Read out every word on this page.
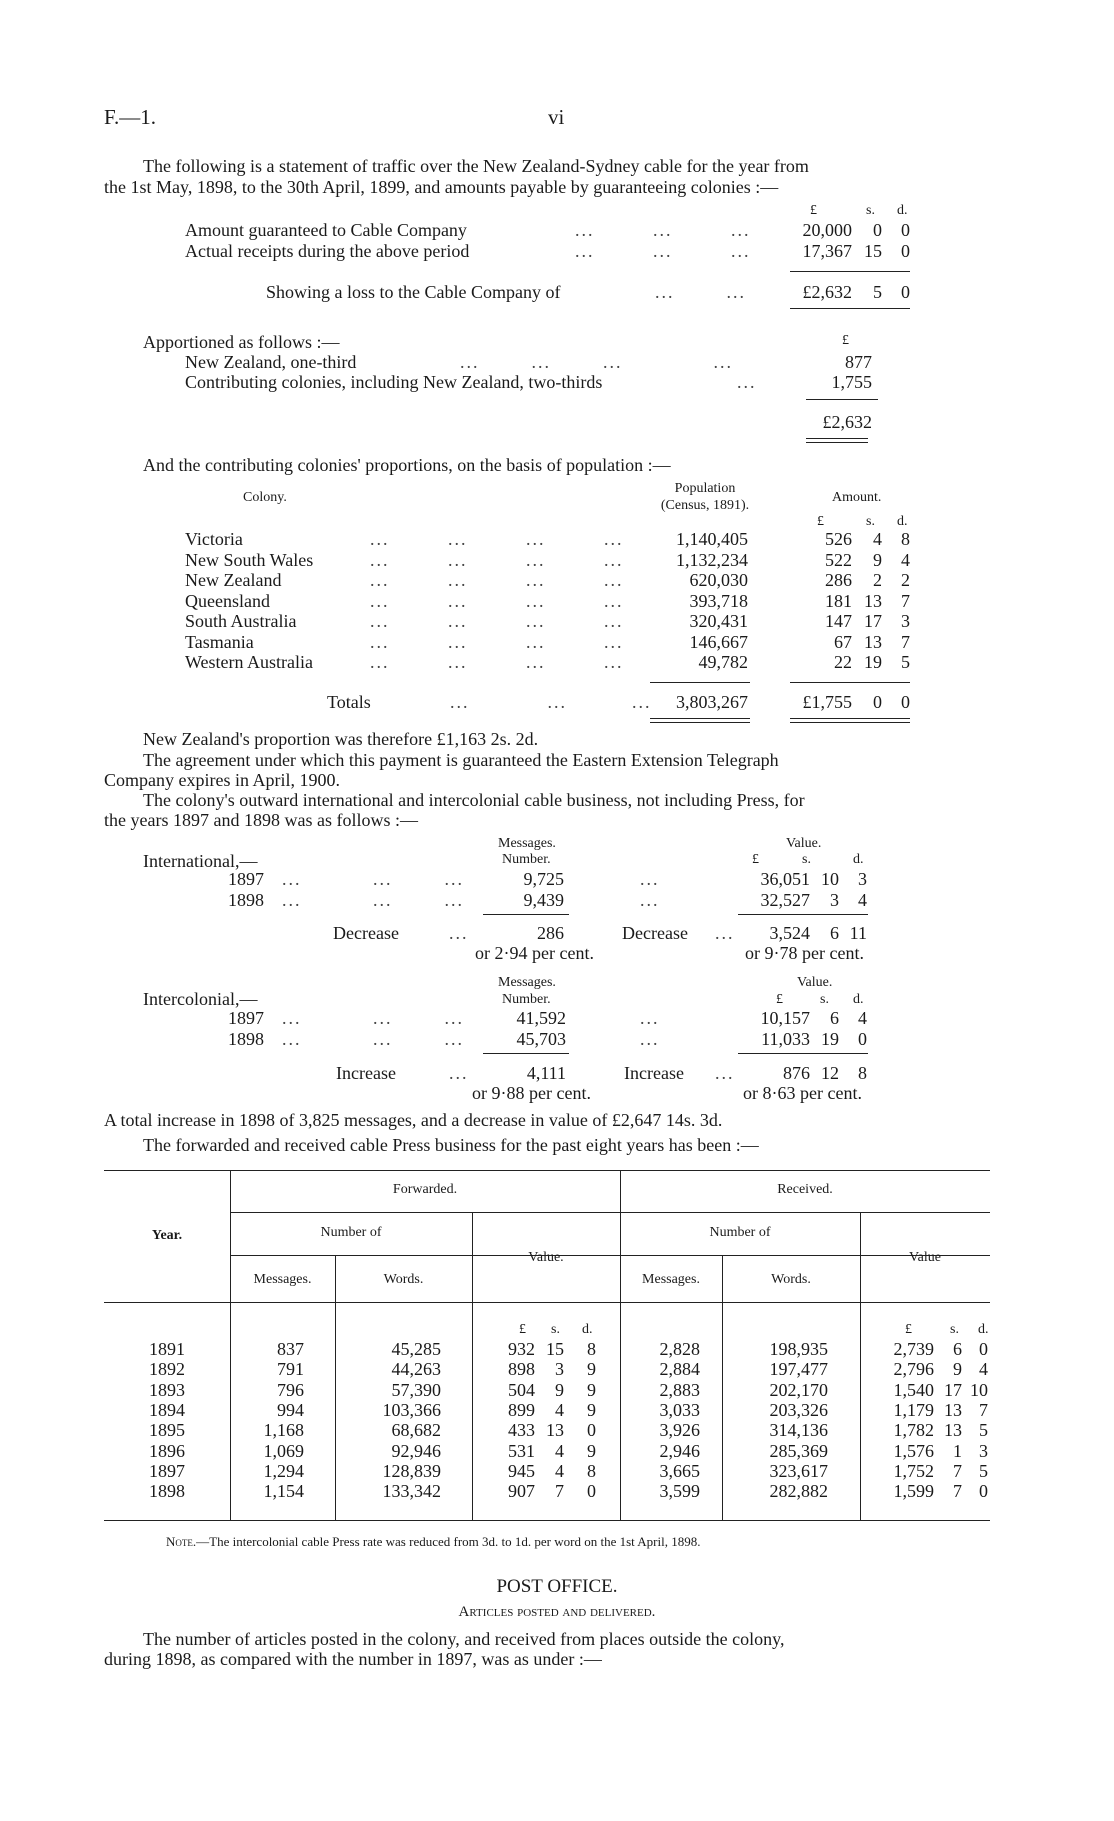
F.—1.	vi
The following is a statement of traffic over the New Zealand-Sydney cable for the year from
the 1st May, 1898, to the 30th April, 1899, and amounts payable by guaranteeing colonies :—
£	s. d.
Amount guaranteed to Cable Company	...         ...         ...	20,000	0	0
Actual receipts during the above period	...         ...         ...	17,367 15	0
Showing a loss to the Cable Company of	...        ...	£2,632	5	0
Apportioned as follows :—	£
New Zealand, one-third	...        ...        ...              ...	877
Contributing colonies, including New Zealand, two-thirds	...	1,755
£2,632
And the contributing colonies' proportions, on the basis of population :—
Colony.
Population
(Census, 1891).
Amount.
£	s. d.
Victoria	1,140,405	526	4	8
...         ...         ...         ...
New South Wales	1,132,234	522	9	4
...         ...         ...         ...
New Zealand	620,030	286	2	2
...         ...         ...         ...
Queensland	393,718	181 13	7
...         ...         ...         ...
South Australia	320,431	147 17	3
...         ...         ...         ...
Tasmania	146,667	67 13	7
...         ...         ...         ...
Western Australia	49,782	22 19	5
...         ...         ...         ...
Totals	...            ...          ...	3,803,267	£1,755	0	0
New Zealand's proportion was therefore £1,163 2s. 2d.
The agreement under which this payment is guaranteed the Eastern Extension Telegraph
Company expires in April, 1900.
The colony's outward international and intercolonial cable business, not including Press, for
the years 1897 and 1898 was as follows :—
Messages.	Value.
Number.	£	s.	d.
International,—
1897 ...           ...        ...	9,725	...	36,051 10	3
1898 ...           ...        ...	9,439	...	32,527	3	4
Decrease	...	286	Decrease ...	3,524	6 11
or 2·94 per cent.	or 9·78 per cent.
Messages.	Value.
Number.	£	s. d.
Intercolonial,—
1897 ...           ...        ...	41,592	...	10,157	6	4
1898 ...           ...        ...	45,703	...	11,033 19	0
Increase	...	4,111	Increase ...	876 12	8
or 9·88 per cent.	or 8·63 per cent.
A total increase in 1898 of 3,825 messages, and a decrease in value of £2,647 14s. 3d.
The forwarded and received cable Press business for the past eight years has been :—
Forwarded.	Received.
Year.	Number of	Number of
Value.	Value
Messages.	Words.	Messages.	Words.
£ s. d.	£	s. d.
1891	837	45,285	932 15	8	2,828	198,935	2,739	6 0
1892	791	44,263	898	3	9	2,884	197,477	2,796	9 4
1893	796	57,390	504	9	9	2,883	202,170	1,540 17 10
1894	994	103,366	899	4	9	3,033	203,326	1,179 13 7
1895	1,168	68,682	433 13	0	3,926	314,136	1,782 13 5
1896	1,069	92,946	531	4	9	2,946	285,369	1,576	1 3
1897	1,294	128,839	945	4	8	3,665	323,617	1,752	7 5
1898	1,154	133,342	907	7	0	3,599	282,882	1,599	7 0
Note.—The intercolonial cable Press rate was reduced from 3d. to 1d. per word on the 1st April, 1898.
POST OFFICE.
Articles posted and delivered.
The number of articles posted in the colony, and received from places outside the colony,
during 1898, as compared with the number in 1897, was as under :—
